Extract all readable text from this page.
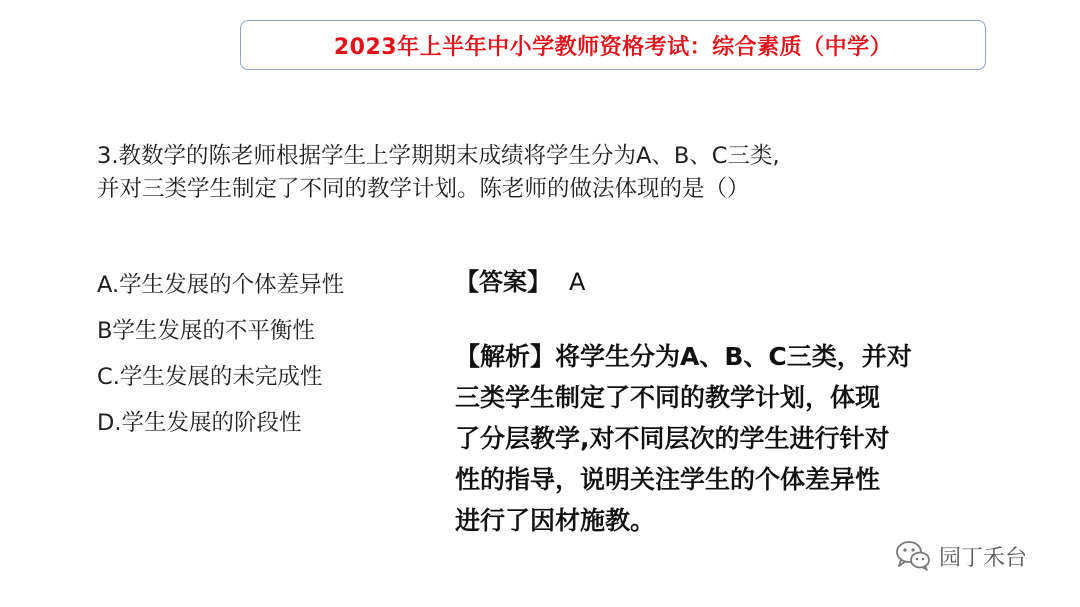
2023年上半年中小学教师资格考试：综合素质（中学）
3.教数学的陈老师根据学生上学期期末成绩将学生分为A、B、C三类,
并对三类学生制定了不同的教学计划。陈老师的做法体现的是（）
A.学生发展的个体差异性
B学生发展的不平衡性
C.学生发展的未完成性
D.学生发展的阶段性
【答案】 A
【解析】将学生分为A、B、C三类，并对
三类学生制定了不同的教学计划，体现
了分层教学,对不同层次的学生进行针对
性的指导，说明关注学生的个体差异性
进行了因材施教。
园丁禾台
